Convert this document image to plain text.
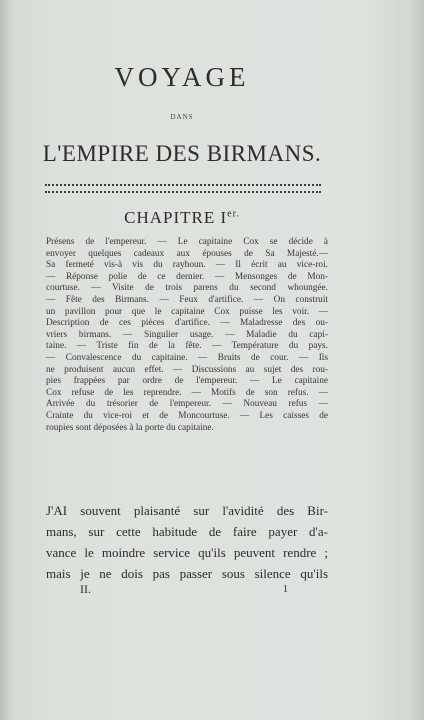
VOYAGE
DANS
L'EMPIRE DES BIRMANS.
CHAPITRE $I^{er.}$
Présens de l'empereur. — Le capitaine Cox se décide à
envoyer quelques cadeaux aux épouses de Sa Majesté.—
Sa fermeté vis-à vis du rayhoun. — Il écrit au vice-roi.
— Réponse polie de ce dernier. — Mensonges de Mon-
courtuse. — Visite de trois parens du second whoungée.
— Fête des Birmans. — Feux d'artifice. — On construit
un pavillon pour que le capitaine Cox puisse les voir. —
Description de ces pièces d'artifice. — Maladresse des ou-
vriers birmans. — Singulier usage. — Maladie du capi-
taine. — Triste fin de la fête. — Température du pays.
— Convalescence du capitaine. — Bruits de cour. — Ils
ne produisent aucun effet. — Discussions au sujet des rou-
pies frappées par ordre de l'empereur. — Le capitaine
Cox refuse de les reprendre. — Motifs de son refus. —
Arrivée du trésorier de l'empereur. — Nouveau refus —
Crainte du vice-roi et de Moncourtuse. — Les caisses de
roupies sont déposées à la porte du capitaine.
J'AI souvent plaisanté sur l'avidité des Bir-
mans, sur cette habitude de faire payer d'a-
vance le moindre service qu'ils peuvent rendre ;
mais je ne dois pas passer sous silence qu'ils
II.	1
